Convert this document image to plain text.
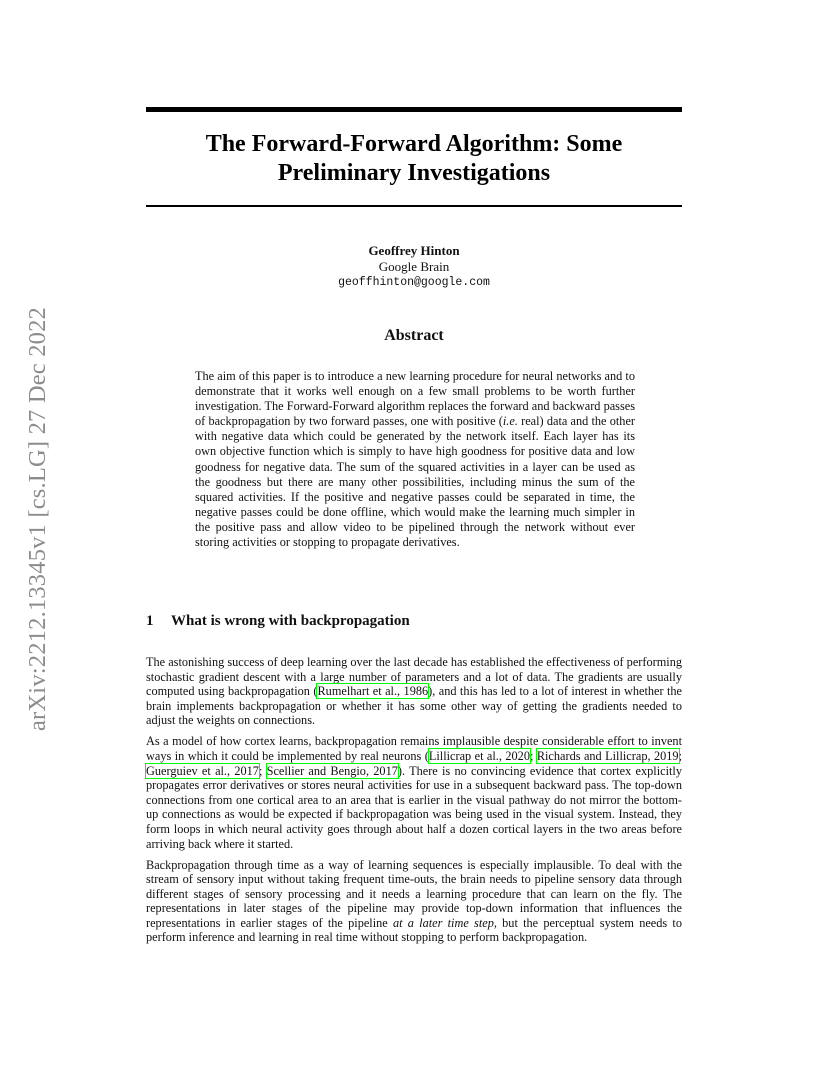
arXiv:2212.13345v1 [cs.LG] 27 Dec 2022
The Forward-Forward Algorithm: Some Preliminary Investigations
Geoffrey Hinton
Google Brain
geoffhinton@google.com
Abstract

The aim of this paper is to introduce a new learning procedure for neural networks and to demonstrate that it works well enough on a few small problems to be worth further investigation. The Forward-Forward algorithm replaces the forward and backward passes of backpropagation by two forward passes, one with positive (i.e. real) data and the other with negative data which could be generated by the network itself. Each layer has its own objective function which is simply to have high goodness for positive data and low goodness for negative data. The sum of the squared activities in a layer can be used as the goodness but there are many other possibilities, including minus the sum of the squared activities. If the positive and negative passes could be separated in time, the negative passes could be done offline, which would make the learning much simpler in the positive pass and allow video to be pipelined through the network without ever storing activities or stopping to propagate derivatives.

1 What is wrong with backpropagation

The astonishing success of deep learning over the last decade has established the effectiveness of performing stochastic gradient descent with a large number of parameters and a lot of data. The gradients are usually computed using backpropagation (Rumelhart et al., 1986), and this has led to a lot of interest in whether the brain implements backpropagation or whether it has some other way of getting the gradients needed to adjust the weights on connections.

As a model of how cortex learns, backpropagation remains implausible despite considerable effort to invent ways in which it could be implemented by real neurons (Lillicrap et al., 2020; Richards and Lillicrap, 2019; Guerguiev et al., 2017; Scellier and Bengio, 2017). There is no convincing evidence that cortex explicitly propagates error derivatives or stores neural activities for use in a subsequent backward pass. The top-down connections from one cortical area to an area that is earlier in the visual pathway do not mirror the bottom-up connections as would be expected if backpropagation was being used in the visual system. Instead, they form loops in which neural activity goes through about half a dozen cortical layers in the two areas before arriving back where it started.

Backpropagation through time as a way of learning sequences is especially implausible. To deal with the stream of sensory input without taking frequent time-outs, the brain needs to pipeline sensory data through different stages of sensory processing and it needs a learning procedure that can learn on the fly. The representations in later stages of the pipeline may provide top-down information that influences the representations in earlier stages of the pipeline at a later time step, but the perceptual system needs to perform inference and learning in real time without stopping to perform backpropagation.
